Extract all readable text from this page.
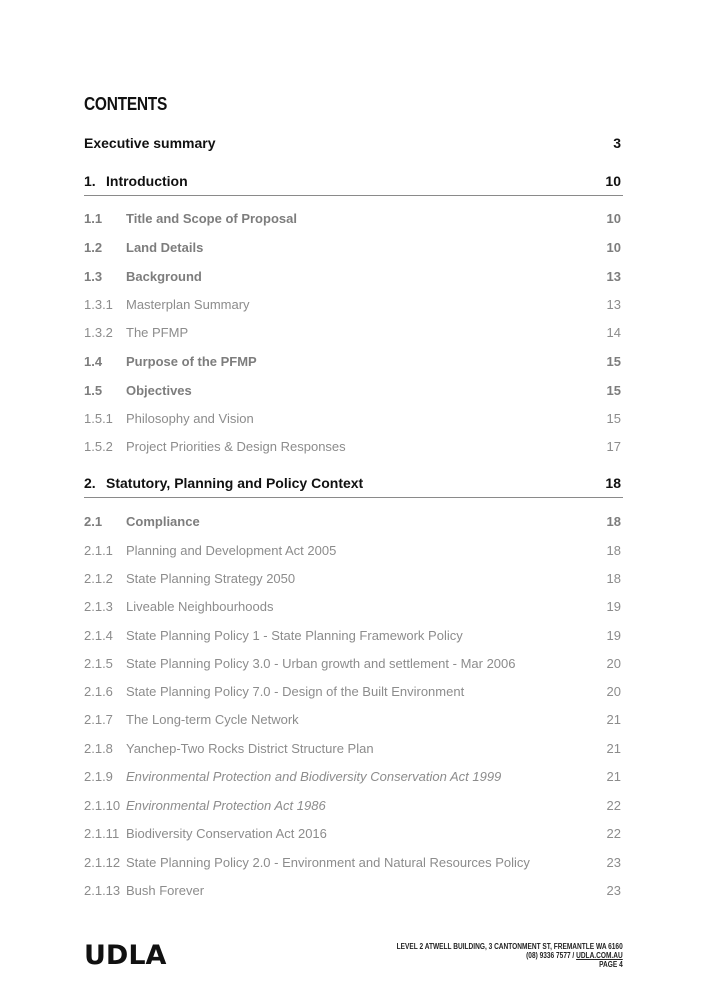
CONTENTS
Executive summary	3
1. Introduction	10
1.1	Title and Scope of Proposal	10
1.2	Land Details	10
1.3	Background	13
1.3.1	Masterplan Summary	13
1.3.2	The PFMP	14
1.4	Purpose of the PFMP	15
1.5	Objectives	15
1.5.1	Philosophy and Vision	15
1.5.2	Project Priorities & Design Responses	17
2. Statutory, Planning and Policy Context	18
2.1	Compliance	18
2.1.1	Planning and Development Act 2005	18
2.1.2	State Planning Strategy 2050	18
2.1.3	Liveable Neighbourhoods	19
2.1.4	State Planning Policy 1 - State Planning Framework Policy	19
2.1.5	State Planning Policy 3.0 - Urban growth and settlement - Mar 2006	20
2.1.6	State Planning Policy 7.0 - Design of the Built Environment	20
2.1.7	The Long-term Cycle Network	21
2.1.8	Yanchep-Two Rocks District Structure Plan	21
2.1.9	Environmental Protection and Biodiversity Conservation Act 1999	21
2.1.10 Environmental Protection Act 1986	22
2.1.11 Biodiversity Conservation Act 2016	22
2.1.12 State Planning Policy 2.0 - Environment and Natural Resources Policy	23
2.1.13 Bush Forever	23
UDLA	LEVEL 2 ATWELL BUILDING, 3 CANTONMENT ST, FREMANTLE WA 6160
(08) 9336 7577 / UDLA.COM.AU
PAGE 4
